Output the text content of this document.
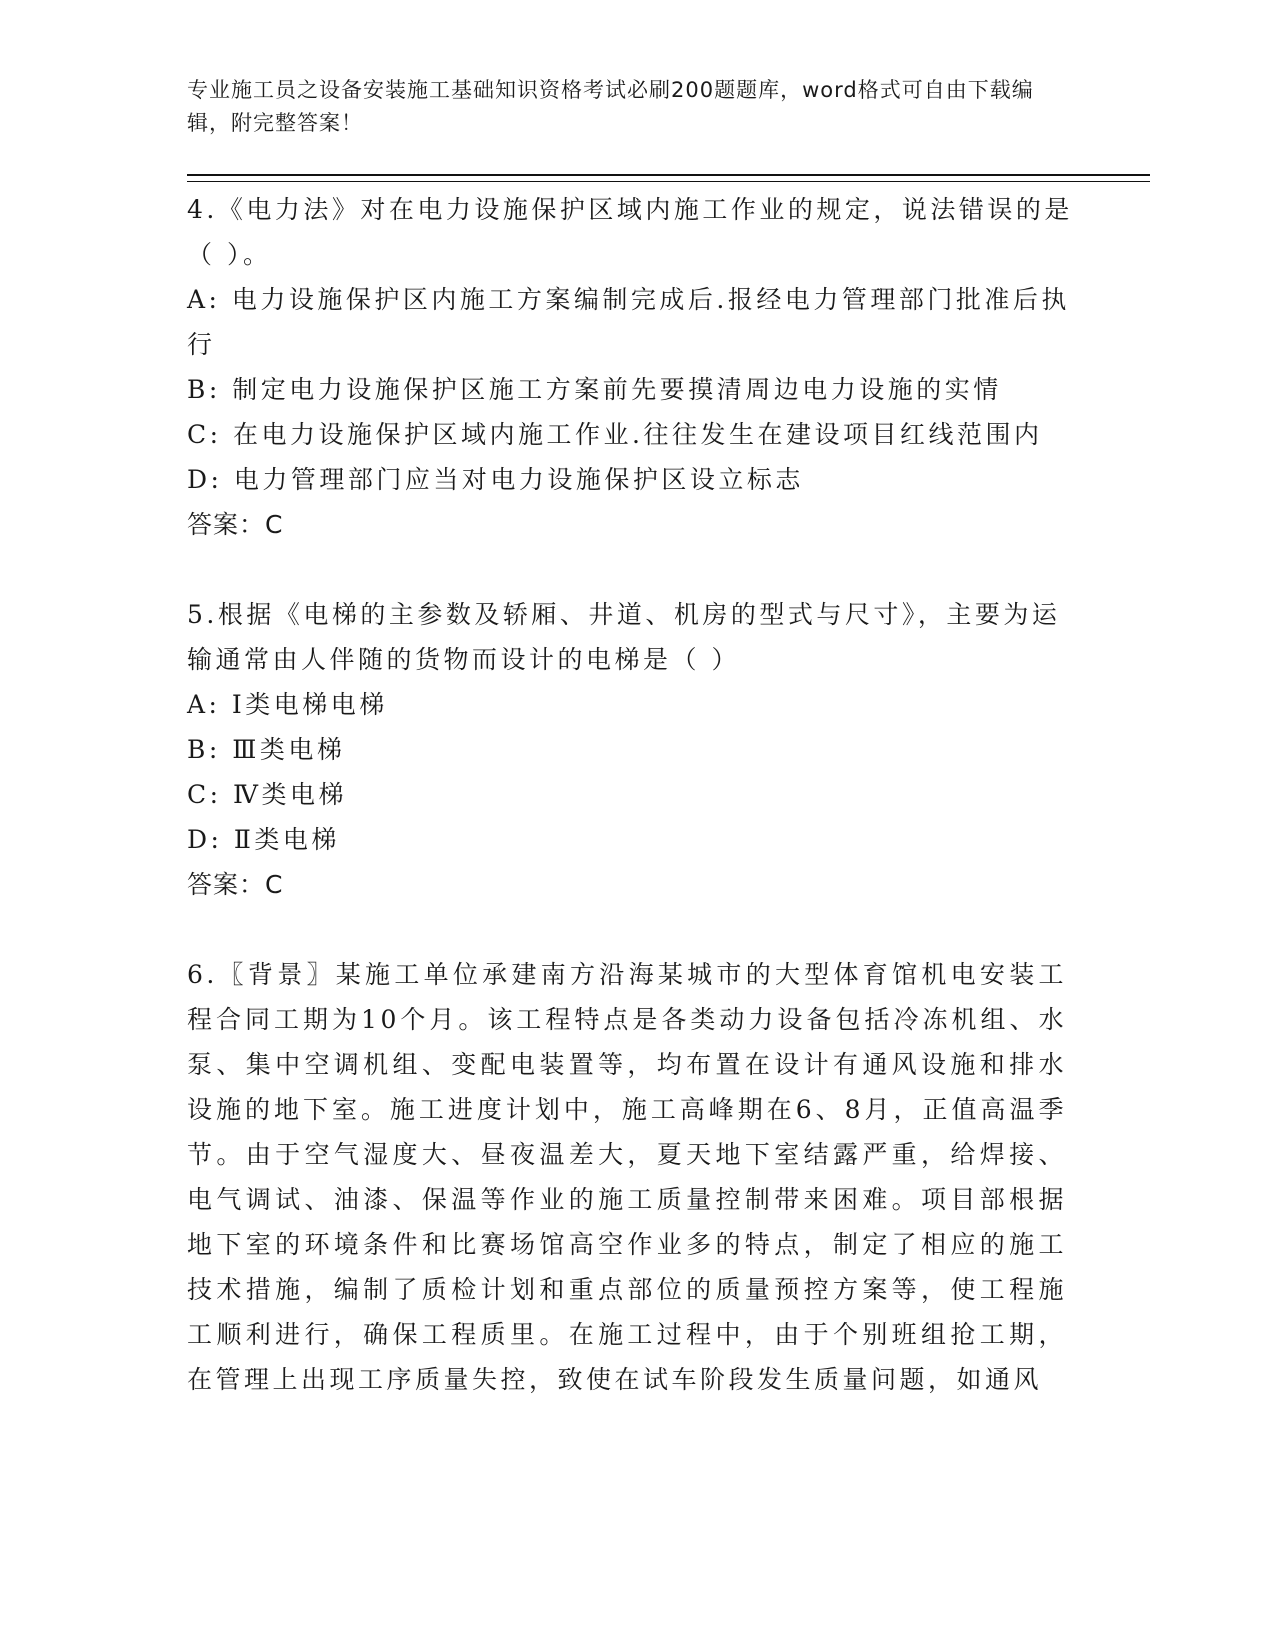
专业施工员之设备安装施工基础知识资格考试必刷200题题库，word格式可自由下载编辑，附完整答案！

4.《电力法》对在电力设施保护区域内施工作业的规定，说法错误的是（ ）。

A: 电力设施保护区内施工方案编制完成后.报经电力管理部门批准后执行

B: 制定电力设施保护区施工方案前先要摸清周边电力设施的实情

C: 在电力设施保护区域内施工作业.往往发生在建设项目红线范围内

D: 电力管理部门应当对电力设施保护区设立标志

答案：C

5.根据《电梯的主参数及轿厢、井道、机房的型式与尺寸》，主要为运输通常由人伴随的货物而设计的电梯是（ ）

A: Ⅰ类电梯电梯

B: Ⅲ类电梯

C: Ⅳ类电梯

D: Ⅱ类电梯

答案：C

6.〖背景〗某施工单位承建南方沿海某城市的大型体育馆机电安装工程合同工期为10个月。该工程特点是各类动力设备包括冷冻机组、水泵、集中空调机组、变配电装置等，均布置在设计有通风设施和排水设施的地下室。施工进度计划中，施工高峰期在6、8月，正值高温季节。由于空气湿度大、昼夜温差大，夏天地下室结露严重，给焊接、电气调试、油漆、保温等作业的施工质量控制带来困难。项目部根据地下室的环境条件和比赛场馆高空作业多的特点，制定了相应的施工技术措施，编制了质检计划和重点部位的质量预控方案等，使工程施工顺利进行，确保工程质里。在施工过程中，由于个别班组抢工期，在管理上出现工序质量失控，致使在试车阶段发生质量问题，如通风
